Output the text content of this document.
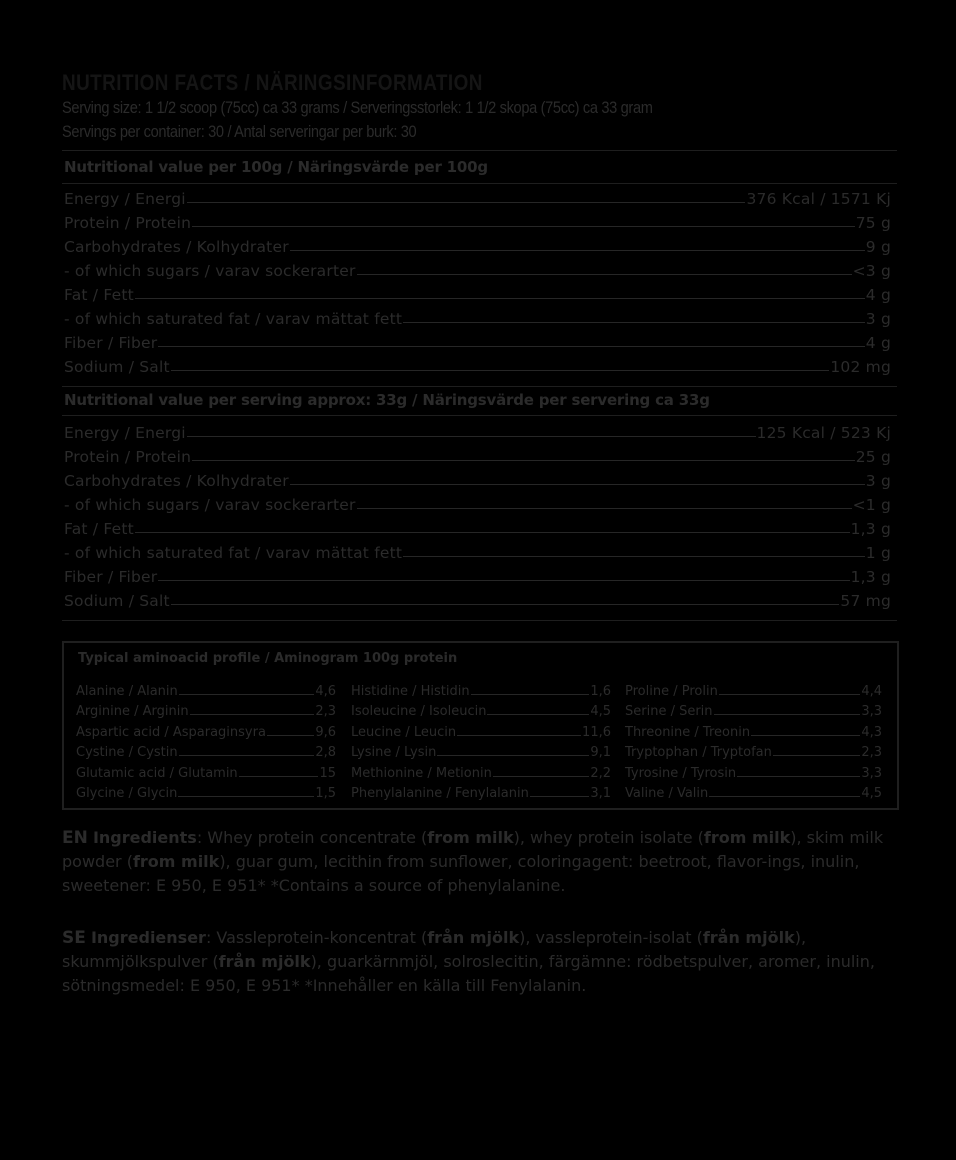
NUTRITION FACTS / NÄRINGSINFORMATION
Serving size: 1 1/2 scoop (75cc) ca 33 grams / Serveringsstorlek: 1 1/2 skopa (75cc) ca 33 gram
Servings per container: 30 / Antal serveringar per burk: 30
Nutritional value per 100g / Näringsvärde per 100g
Energy / Energi	376 Kcal / 1571 Kj
Protein / Protein	75 g
Carbohydrates / Kolhydrater	9 g
- of which sugars / varav sockerarter	<3 g
Fat / Fett	4 g
- of which saturated fat / varav mättat fett	3 g
Fiber / Fiber	4 g
Sodium / Salt	102 mg
Nutritional value per serving approx: 33g / Näringsvärde per servering ca 33g
Energy / Energi	125 Kcal / 523 Kj
Protein / Protein	25 g
Carbohydrates / Kolhydrater	3 g
- of which sugars / varav sockerarter	<1 g
Fat / Fett	1,3 g
- of which saturated fat / varav mättat fett	1 g
Fiber / Fiber	1,3 g
Sodium / Salt	57 mg
Typical aminoacid profile / Aminogram 100g protein
Alanine / Alanin	4,6
Arginine / Arginin	2,3
Aspartic acid / Asparaginsyra	9,6
Cystine / Cystin	2,8
Glutamic acid / Glutamin	15
Glycine / Glycin	1,5
Histidine / Histidin	1,6
Isoleucine / Isoleucin	4,5
Leucine / Leucin	11,6
Lysine / Lysin	9,1
Methionine / Metionin	2,2
Phenylalanine / Fenylalanin	3,1
Proline / Prolin	4,4
Serine / Serin	3,3
Threonine / Treonin	4,3
Tryptophan / Tryptofan	2,3
Tyrosine / Tyrosin	3,3
Valine / Valin	4,5
EN Ingredients: Whey protein concentrate (from milk), whey protein isolate (from milk), skim milk powder (from milk), guar gum, lecithin from sunflower, coloringagent: beetroot, flavor-ings, inulin, sweetener: E 950, E 951* *Contains a source of phenylalanine.
SE Ingredienser: Vassleprotein-koncentrat (från mjölk), vassleprotein-isolat (från mjölk), skummjölkspulver (från mjölk), guarkärnmjöl, solroslecitin, färgämne: rödbetspulver, aromer, inulin, sötningsmedel: E 950, E 951* *Innehåller en källa till Fenylalanin.
